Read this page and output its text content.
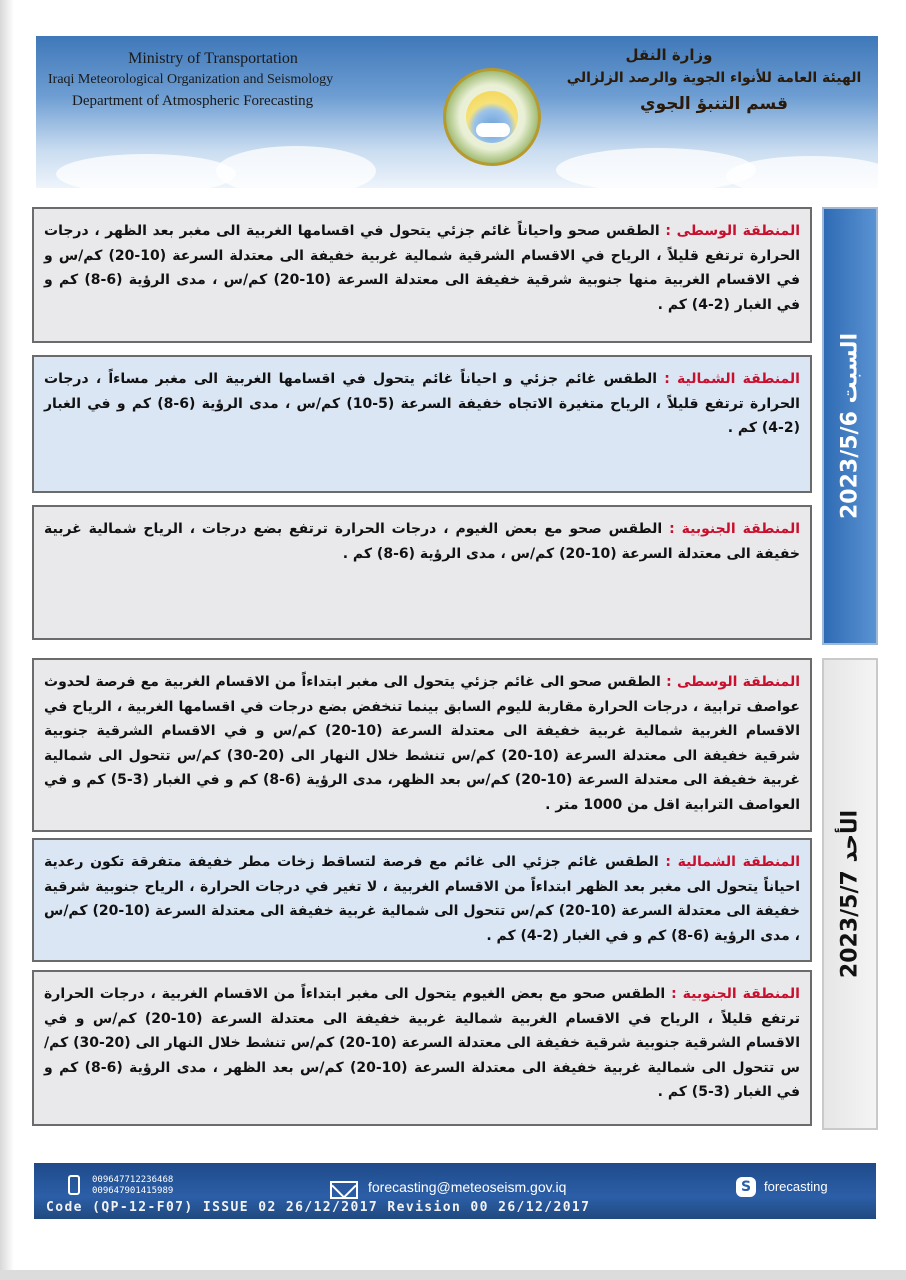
Ministry of Transportation
Iraqi Meteorological Organization and Seismology
Department of Atmospheric Forecasting
وزارة النقل
الهيئة العامة للأنواء الجوية والرصد الزلزالي
قسم التنبؤ الجوي
المنطقة الوسطى : الطقس صحو واحياناً غائم جزئي يتحول في اقسامها الغربية الى مغبر بعد الظهر ، درجات الحرارة ترتفع قليلاً ، الرياح في الاقسام الشرقية شمالية غربية خفيفة الى معتدلة السرعة (10-20) كم/س و في الاقسام الغربية منها جنوبية شرقية خفيفة الى معتدلة السرعة (10-20) كم/س ، مدى الرؤية (6-8) كم و في الغبار (2-4) كم .
المنطقة الشمالية : الطقس غائم جزئي و احياناً غائم يتحول في اقسامها الغربية الى مغبر مساءاً ، درجات الحرارة ترتفع قليلاً ، الرياح متغيرة الاتجاه خفيفة السرعة (5-10) كم/س ، مدى الرؤية (6-8) كم و في الغبار (2-4) كم .
المنطقة الجنوبية : الطقس صحو مع بعض الغيوم ، درجات الحرارة ترتفع بضع درجات ، الرياح شمالية غربية خفيفة الى معتدلة السرعة (10-20) كم/س ، مدى الرؤية (6-8) كم .
السبت 2023/5/6
المنطقة الوسطى : الطقس صحو الى غائم جزئي يتحول الى مغبر ابتداءاً من الاقسام الغربية مع فرصة لحدوث عواصف ترابية ، درجات الحرارة مقاربة لليوم السابق بينما تنخفض بضع درجات في اقسامها الغربية ، الرياح في الاقسام الغربية شمالية غربية خفيفة الى معتدلة السرعة (10-20) كم/س و في الاقسام الشرقية جنوبية شرقية خفيفة الى معتدلة السرعة (10-20) كم/س تنشط خلال النهار الى (20-30) كم/س تتحول الى شمالية غربية خفيفة الى معتدلة السرعة (10-20) كم/س بعد الظهر، مدى الرؤية (6-8) كم و في الغبار (3-5) كم و في العواصف الترابية اقل من 1000 متر .
المنطقة الشمالية : الطقس غائم جزئي الى غائم مع فرصة لتساقط زخات مطر خفيفة متفرقة تكون رعدية احياناً يتحول الى مغبر بعد الظهر ابتداءاً من الاقسام الغربية ، لا تغير في درجات الحرارة ، الرياح جنوبية شرقية خفيفة الى معتدلة السرعة (10-20) كم/س تتحول الى شمالية غربية خفيفة الى معتدلة السرعة (10-20) كم/س ، مدى الرؤية (6-8) كم و في الغبار (2-4) كم .
المنطقة الجنوبية : الطقس صحو مع بعض الغيوم يتحول الى مغبر ابتداءاً من الاقسام الغربية ، درجات الحرارة ترتفع قليلاً ، الرياح في الاقسام الغربية شمالية غربية خفيفة الى معتدلة السرعة (10-20) كم/س و في الاقسام الشرقية جنوبية شرقية خفيفة الى معتدلة السرعة (10-20) كم/س تنشط خلال النهار الى (20-30) كم/س تتحول الى شمالية غربية خفيفة الى معتدلة السرعة (10-20) كم/س بعد الظهر ، مدى الرؤية (6-8) كم و في الغبار (3-5) كم .
الأحد 2023/5/7
009647712236468
009647901415989	forecasting@meteoseism.gov.iq	S forecasting
Code (QP-12-F07) ISSUE 02 26/12/2017 Revision 00 26/12/2017
